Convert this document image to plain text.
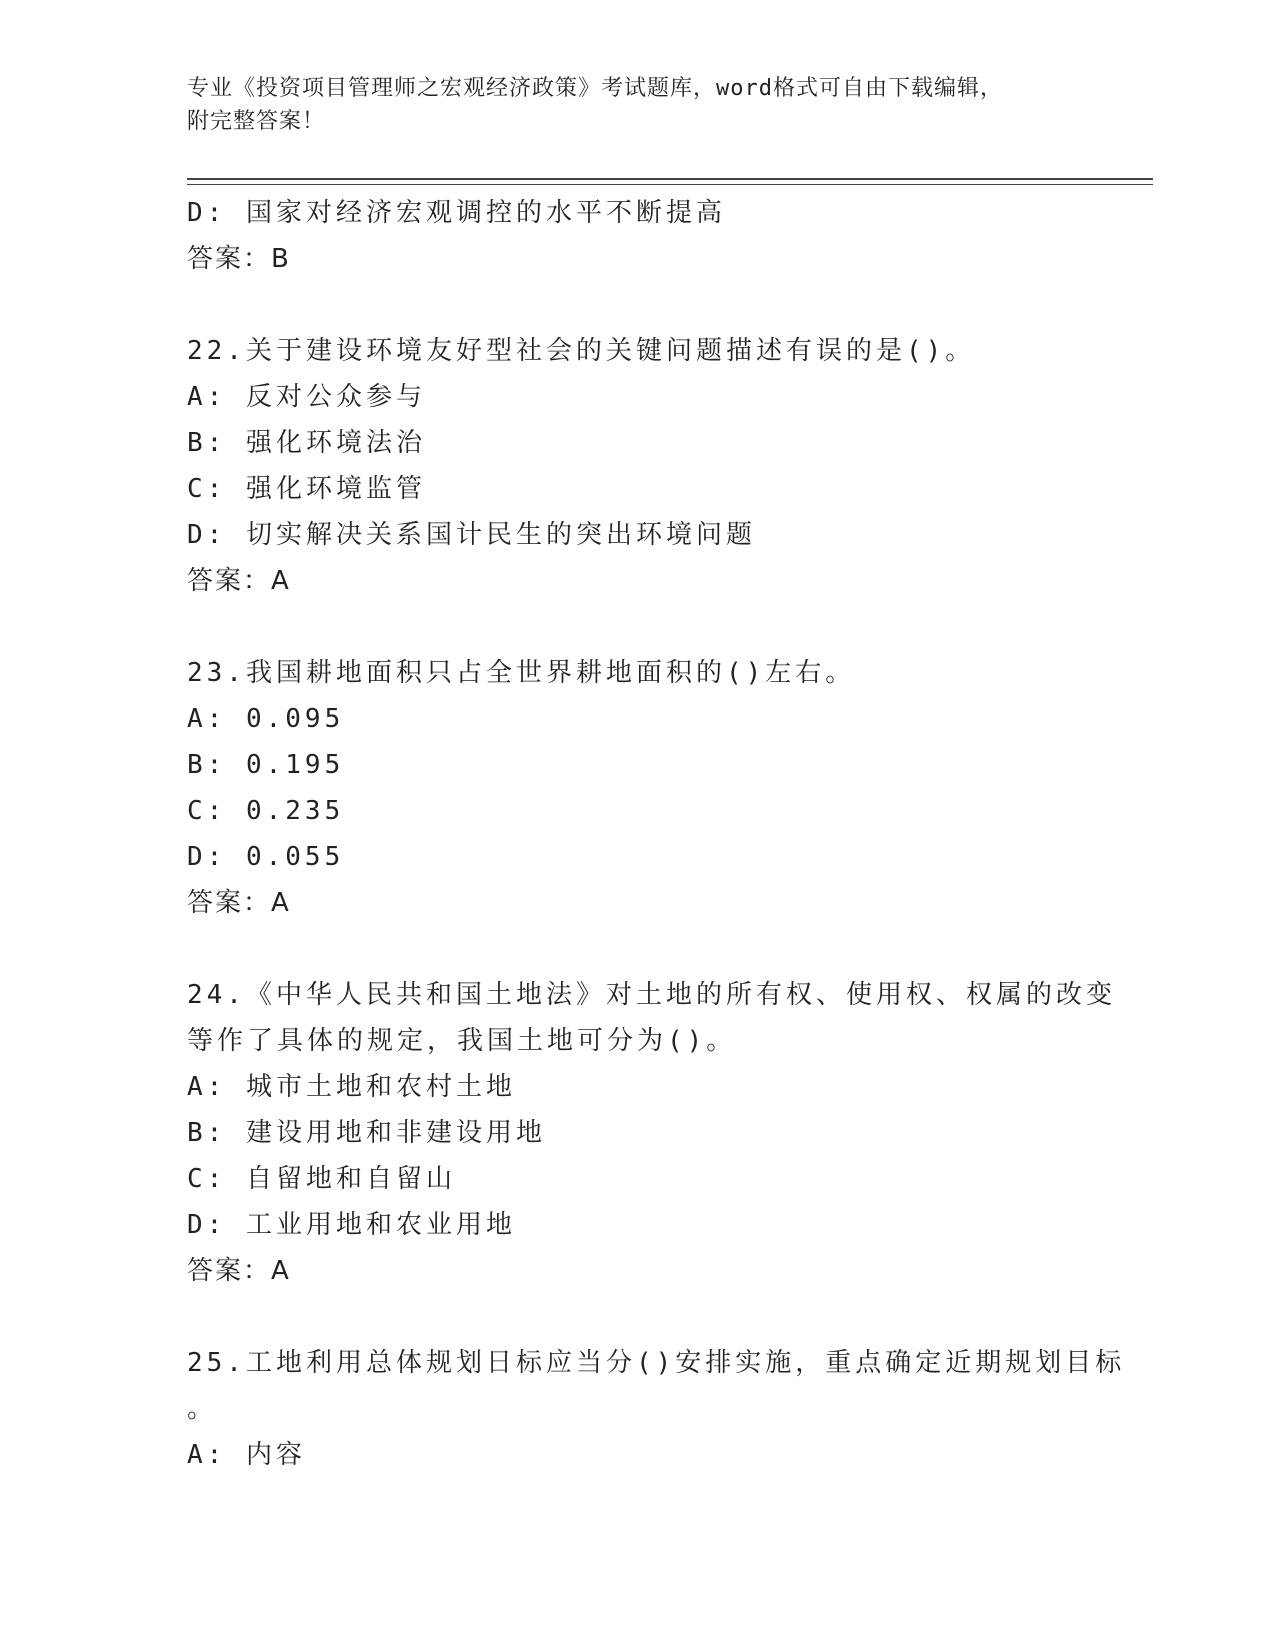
专业《投资项目管理师之宏观经济政策》考试题库，word格式可自由下载编辑，
附完整答案！
D: 国家对经济宏观调控的水平不断提高
答案：B
22.关于建设环境友好型社会的关键问题描述有误的是()。
A: 反对公众参与
B: 强化环境法治
C: 强化环境监管
D: 切实解决关系国计民生的突出环境问题
答案：A
23.我国耕地面积只占全世界耕地面积的()左右。
A: 0.095
B: 0.195
C: 0.235
D: 0.055
答案：A
24.《中华人民共和国土地法》对土地的所有权、使用权、权属的改变
等作了具体的规定，我国土地可分为()。
A: 城市土地和农村土地
B: 建设用地和非建设用地
C: 自留地和自留山
D: 工业用地和农业用地
答案：A
25.工地利用总体规划日标应当分()安排实施，重点确定近期规划目标
。
A: 内容
